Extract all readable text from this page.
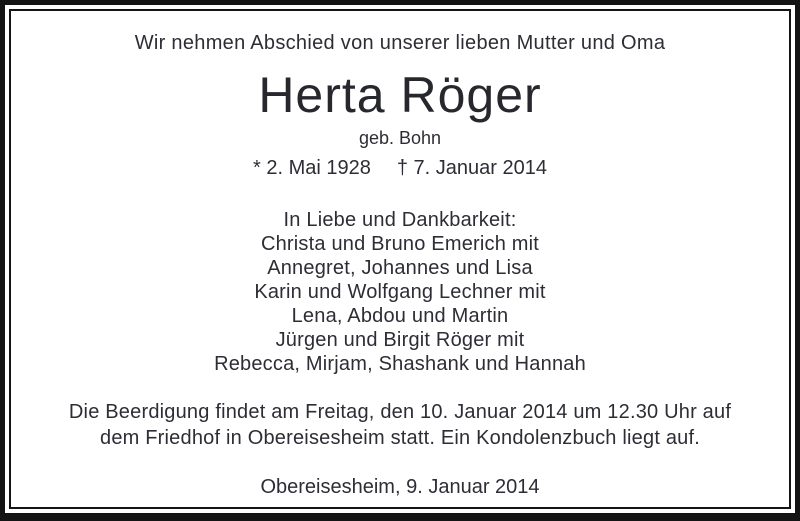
Wir nehmen Abschied von unserer lieben Mutter und Oma
Herta Röger
geb. Bohn
* 2. Mai 1928 † 7. Januar 2014
In Liebe und Dankbarkeit:
Christa und Bruno Emerich mit
Annegret, Johannes und Lisa
Karin und Wolfgang Lechner mit
Lena, Abdou und Martin
Jürgen und Birgit Röger mit
Rebecca, Mirjam, Shashank und Hannah
Die Beerdigung findet am Freitag, den 10. Januar 2014 um 12.30 Uhr auf dem Friedhof in Obereisesheim statt. Ein Kondolenzbuch liegt auf.
Obereisesheim, 9. Januar 2014
